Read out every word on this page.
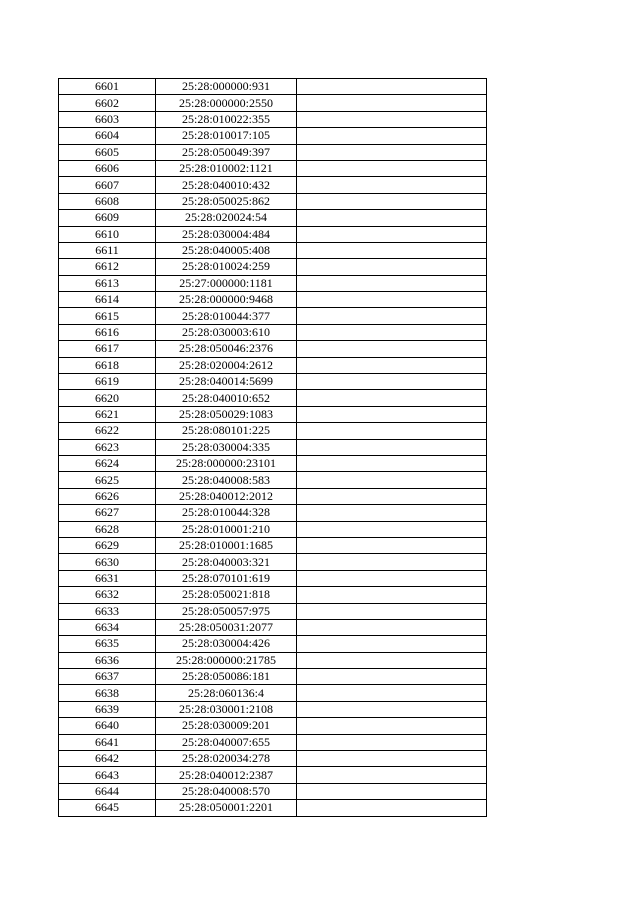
6601	25:28:000000:931	
6602	25:28:000000:2550	
6603	25:28:010022:355	
6604	25:28:010017:105	
6605	25:28:050049:397	
6606	25:28:010002:1121	
6607	25:28:040010:432	
6608	25:28:050025:862	
6609	25:28:020024:54	
6610	25:28:030004:484	
6611	25:28:040005:408	
6612	25:28:010024:259	
6613	25:27:000000:1181	
6614	25:28:000000:9468	
6615	25:28:010044:377	
6616	25:28:030003:610	
6617	25:28:050046:2376	
6618	25:28:020004:2612	
6619	25:28:040014:5699	
6620	25:28:040010:652	
6621	25:28:050029:1083	
6622	25:28:080101:225	
6623	25:28:030004:335	
6624	25:28:000000:23101	
6625	25:28:040008:583	
6626	25:28:040012:2012	
6627	25:28:010044:328	
6628	25:28:010001:210	
6629	25:28:010001:1685	
6630	25:28:040003:321	
6631	25:28:070101:619	
6632	25:28:050021:818	
6633	25:28:050057:975	
6634	25:28:050031:2077	
6635	25:28:030004:426	
6636	25:28:000000:21785	
6637	25:28:050086:181	
6638	25:28:060136:4	
6639	25:28:030001:2108	
6640	25:28:030009:201	
6641	25:28:040007:655	
6642	25:28:020034:278	
6643	25:28:040012:2387	
6644	25:28:040008:570	
6645	25:28:050001:2201	
